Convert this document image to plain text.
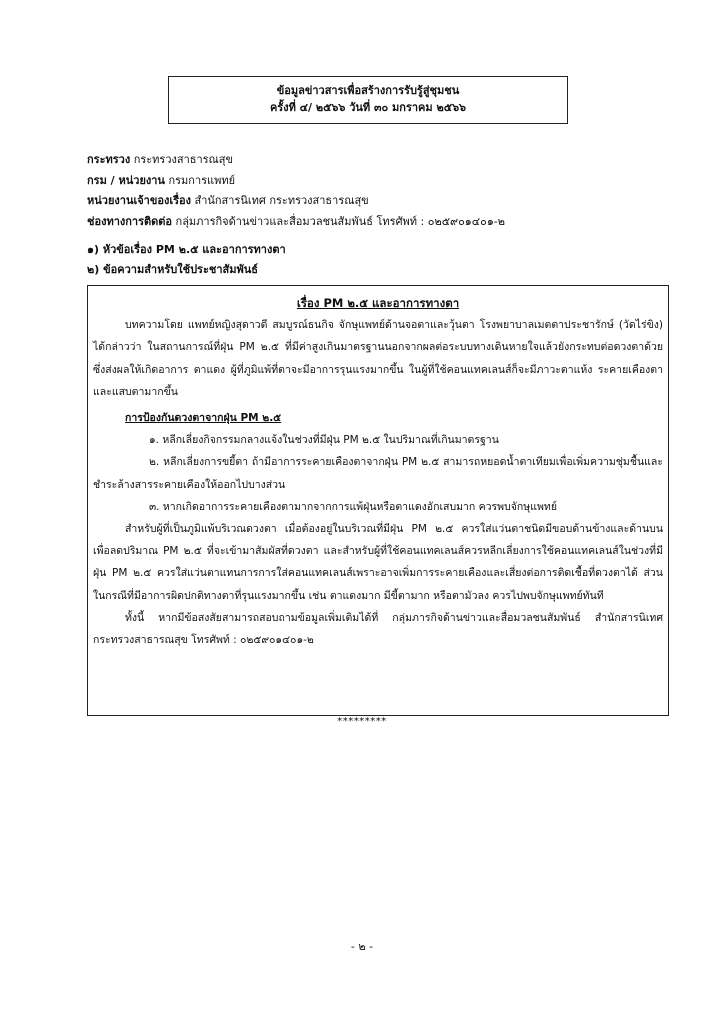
ข้อมูลข่าวสารเพื่อสร้างการรับรู้สู่ชุมชน
ครั้งที่ ๔/ ๒๕๖๖ วันที่ ๓๐ มกราคม ๒๕๖๖
กระทรวง กระทรวงสาธารณสุข
กรม / หน่วยงาน กรมการแพทย์
หน่วยงานเจ้าของเรื่อง สำนักสารนิเทศ กระทรวงสาธารณสุข
ช่องทางการติดต่อ กลุ่มภารกิจด้านข่าวและสื่อมวลชนสัมพันธ์ โทรศัพท์ : ๐๒๕๙๐๑๔๐๑-๒
๑) หัวข้อเรื่อง PM ๒.๕ และอาการทางตา
๒) ข้อความสำหรับใช้ประชาสัมพันธ์

เรื่อง PM ๒.๕ และอาการทางตา

บทความโดย แพทย์หญิงสุดาวดี สมบูรณ์ธนกิจ จักษุแพทย์ด้านจอตาและวุ้นตา โรงพยาบาลเมตตาประชารักษ์ (วัดไร่ขิง) ได้กล่าวว่า ในสถานการณ์ที่ฝุ่น PM ๒.๕ ที่มีค่าสูงเกินมาตรฐานนอกจากผลต่อระบบทางเดินหายใจแล้วยังกระทบต่อดวงตาด้วย ซึ่งส่งผลให้เกิดอาการ ตาแดง ผู้ที่ภูมิแพ้ที่ตาจะมีอาการรุนแรงมากขึ้น ในผู้ที่ใช้คอนแทคเลนส์ก็จะมีภาวะตาแห้ง ระคายเคืองตา และแสบตามากขึ้น

การป้องกันดวงตาจากฝุ่น PM ๒.๕

๑. หลีกเลี่ยงกิจกรรมกลางแจ้งในช่วงที่มีฝุ่น PM ๒.๕ ในปริมาณที่เกินมาตรฐาน

๒. หลีกเลี่ยงการขยี้ตา ถ้ามีอาการระคายเคืองตาจากฝุ่น PM ๒.๕ สามารถหยอดน้ำตาเทียมเพื่อเพิ่มความชุ่มชื้นและชำระล้างสารระคายเคืองให้ออกไปบางส่วน

๓. หากเกิดอาการระคายเคืองตามากจากการแพ้ฝุ่นหรือตาแดงอักเสบมาก ควรพบจักษุแพทย์

สำหรับผู้ที่เป็นภูมิแพ้บริเวณดวงตา เมื่อต้องอยู่ในบริเวณที่มีฝุ่น PM ๒.๕ ควรใส่แว่นตาชนิดมีขอบด้านข้างและด้านบน เพื่อลดปริมาณ PM ๒.๕ ที่จะเข้ามาสัมผัสที่ดวงตา และสำหรับผู้ที่ใช้คอนแทคเลนส์ควรหลีกเลี่ยงการใช้คอนแทคเลนส์ในช่วงที่มีฝุ่น PM ๒.๕ ควรใส่แว่นตาแทนการการใส่คอนแทคเลนส์เพราะอาจเพิ่มการระคายเคืองและเสี่ยงต่อการติดเชื้อที่ดวงตาได้ ส่วนในกรณีที่มีอาการผิดปกติทางตาที่รุนแรงมากขึ้น เช่น ตาแดงมาก มีขี้ตามาก หรือตามัวลง ควรไปพบจักษุแพทย์ทันที

ทั้งนี้ หากมีข้อสงสัยสามารถสอบถามข้อมูลเพิ่มเติมได้ที่ กลุ่มภารกิจด้านข่าวและสื่อมวลชนสัมพันธ์ สำนักสารนิเทศ กระทรวงสาธารณสุข โทรศัพท์ : ๐๒๕๙๐๑๔๐๑-๒

*********
- ๒ -
